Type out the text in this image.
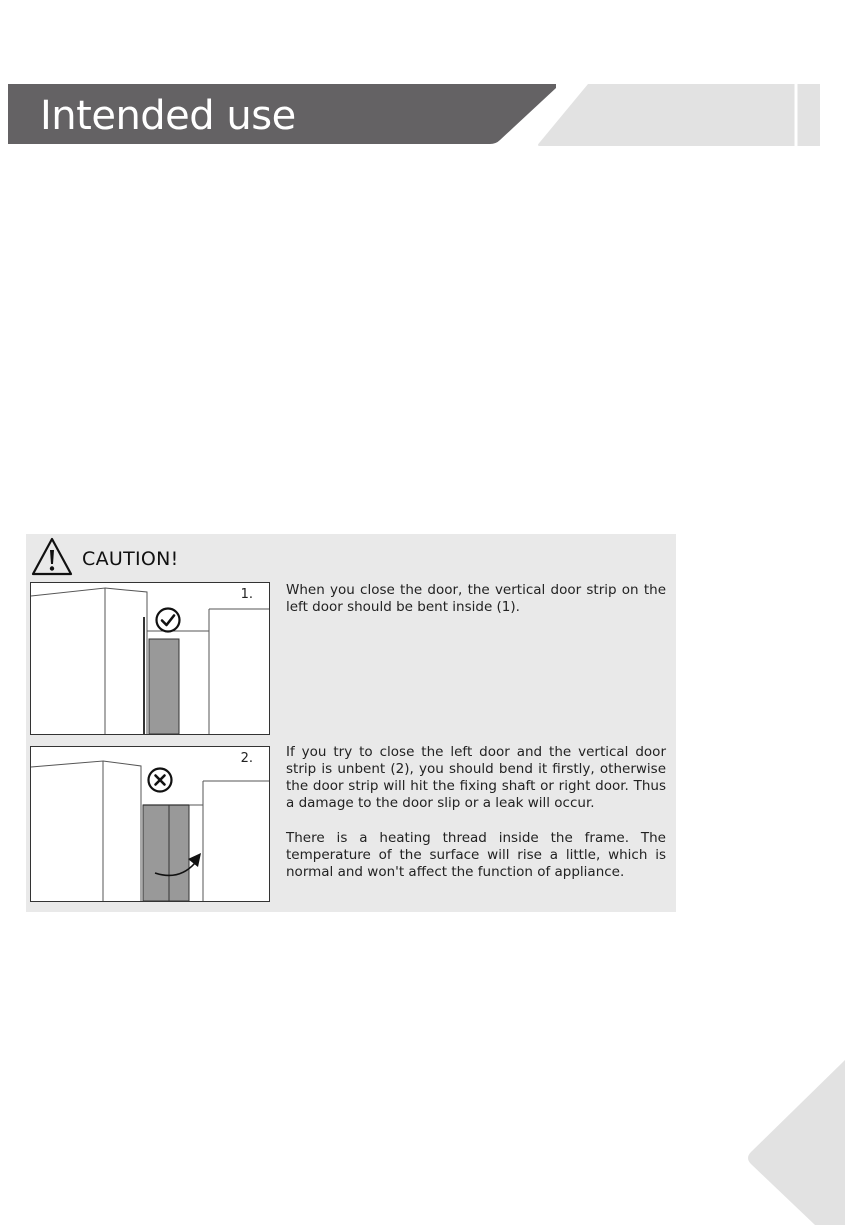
Intended use
CAUTION!
1.
2.

When you close the door, the vertical door strip on the left door should be bent inside (1).

If you try to close the left door and the vertical door strip is unbent (2), you should bend it firstly, otherwise the door strip will hit the fixing shaft or right door. Thus a damage to the door slip or a leak will occur.

There is a heating thread inside the frame. The temperature of the surface will rise a little, which is normal and won't affect the function of appliance.
